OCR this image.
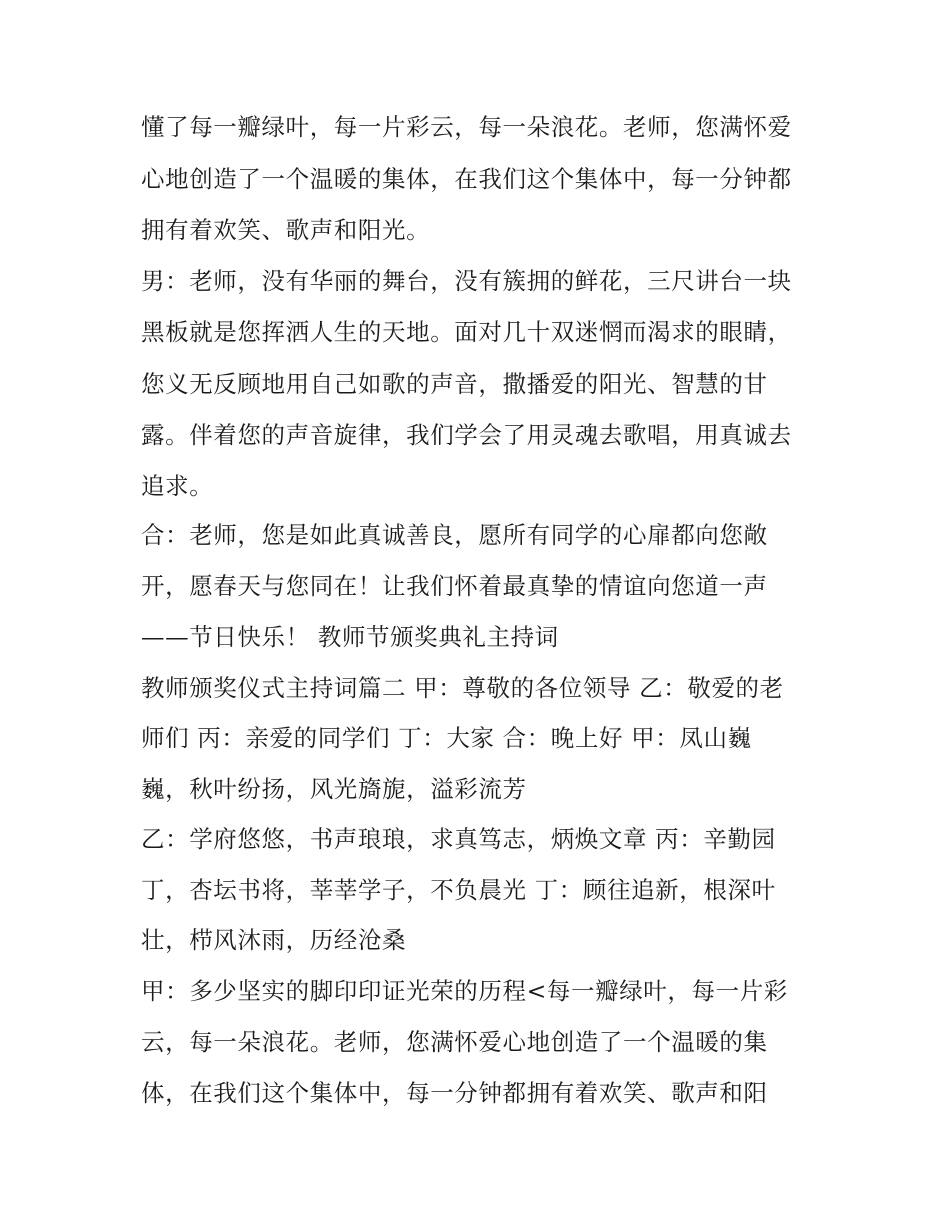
懂了每一瓣绿叶，每一片彩云，每一朵浪花。老师，您满怀爱
心地创造了一个温暖的集体，在我们这个集体中，每一分钟都
拥有着欢笑、歌声和阳光。
男：老师，没有华丽的舞台，没有簇拥的鲜花，三尺讲台一块
黑板就是您挥洒人生的天地。面对几十双迷惘而渴求的眼睛，
您义无反顾地用自己如歌的声音，撒播爱的阳光、智慧的甘
露。伴着您的声音旋律，我们学会了用灵魂去歌唱，用真诚去
追求。
合：老师，您是如此真诚善良，愿所有同学的心扉都向您敞
开，愿春天与您同在！让我们怀着最真挚的情谊向您道一声
——节日快乐！ 教师节颁奖典礼主持词
教师颁奖仪式主持词篇二 甲：尊敬的各位领导 乙：敬爱的老
师们 丙：亲爱的同学们 丁：大家 合：晚上好 甲：凤山巍
巍，秋叶纷扬，风光旖旎，溢彩流芳
乙：学府悠悠，书声琅琅，求真笃志，炳焕文章 丙：辛勤园
丁，杏坛书将，莘莘学子，不负晨光 丁：顾往追新，根深叶
壮，栉风沐雨，历经沧桑
甲：多少坚实的脚印印证光荣的历程<每一瓣绿叶，每一片彩
云，每一朵浪花。老师，您满怀爱心地创造了一个温暖的集
体，在我们这个集体中，每一分钟都拥有着欢笑、歌声和阳
